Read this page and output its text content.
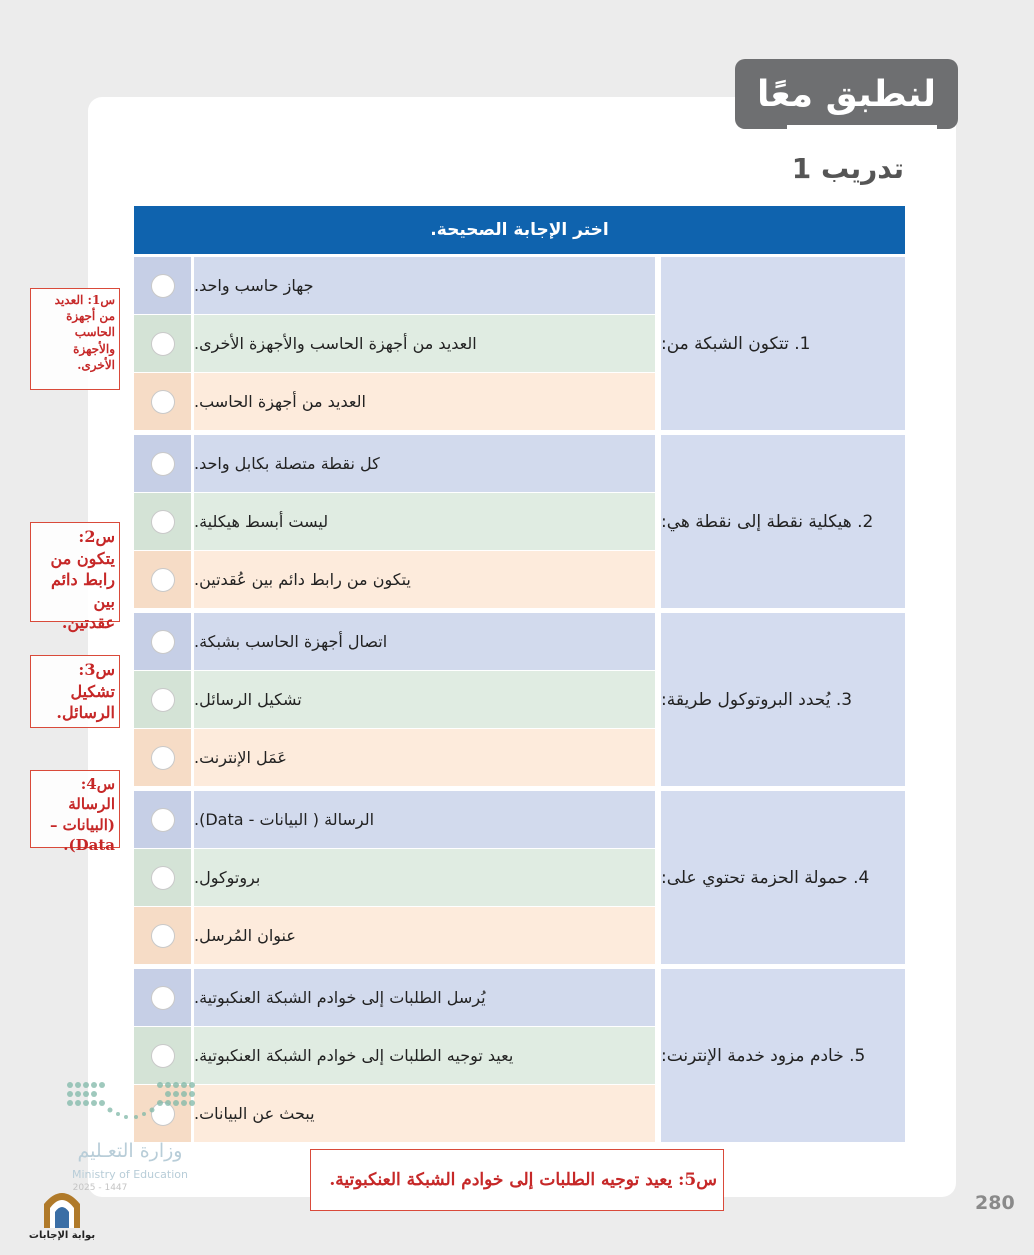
لنطبق معًا
تدريب 1
اختر الإجابة الصحيحة.
1. تتكون الشبكة من:
جهاز حاسب واحد.
العديد من أجهزة الحاسب والأجهزة الأخرى.
العديد من أجهزة الحاسب.
2. هيكلية نقطة إلى نقطة هي:
كل نقطة متصلة بكابل واحد.
ليست أبسط هيكلية.
يتكون من رابط دائم بين عُقدتين.
3. يُحدد البروتوكول طريقة:
اتصال أجهزة الحاسب بشبكة.
تشكيل الرسائل.
عَمَل الإنترنت.
4. حمولة الحزمة تحتوي على:
الرسالة ( البيانات - Data).
بروتوكول.
عنوان المُرسل.
5. خادم مزود خدمة الإنترنت:
يُرسل الطلبات إلى خوادم الشبكة العنكبوتية.
يعيد توجيه الطلبات إلى خوادم الشبكة العنكبوتية.
يبحث عن البيانات.
س1: العديد من أجهزة الحاسب والأجهزة الأخرى.
س2: يتكون من رابط دائم بين عقدتين.
س3: تشكيل الرسائل.
س4: الرسالة (البيانات – Data).
س5: يعيد توجيه الطلبات إلى خوادم الشبكة العنكبوتية.
وزارة التعـليم
Ministry of Education
2025 - 1447
بوابة الإجابات
280
